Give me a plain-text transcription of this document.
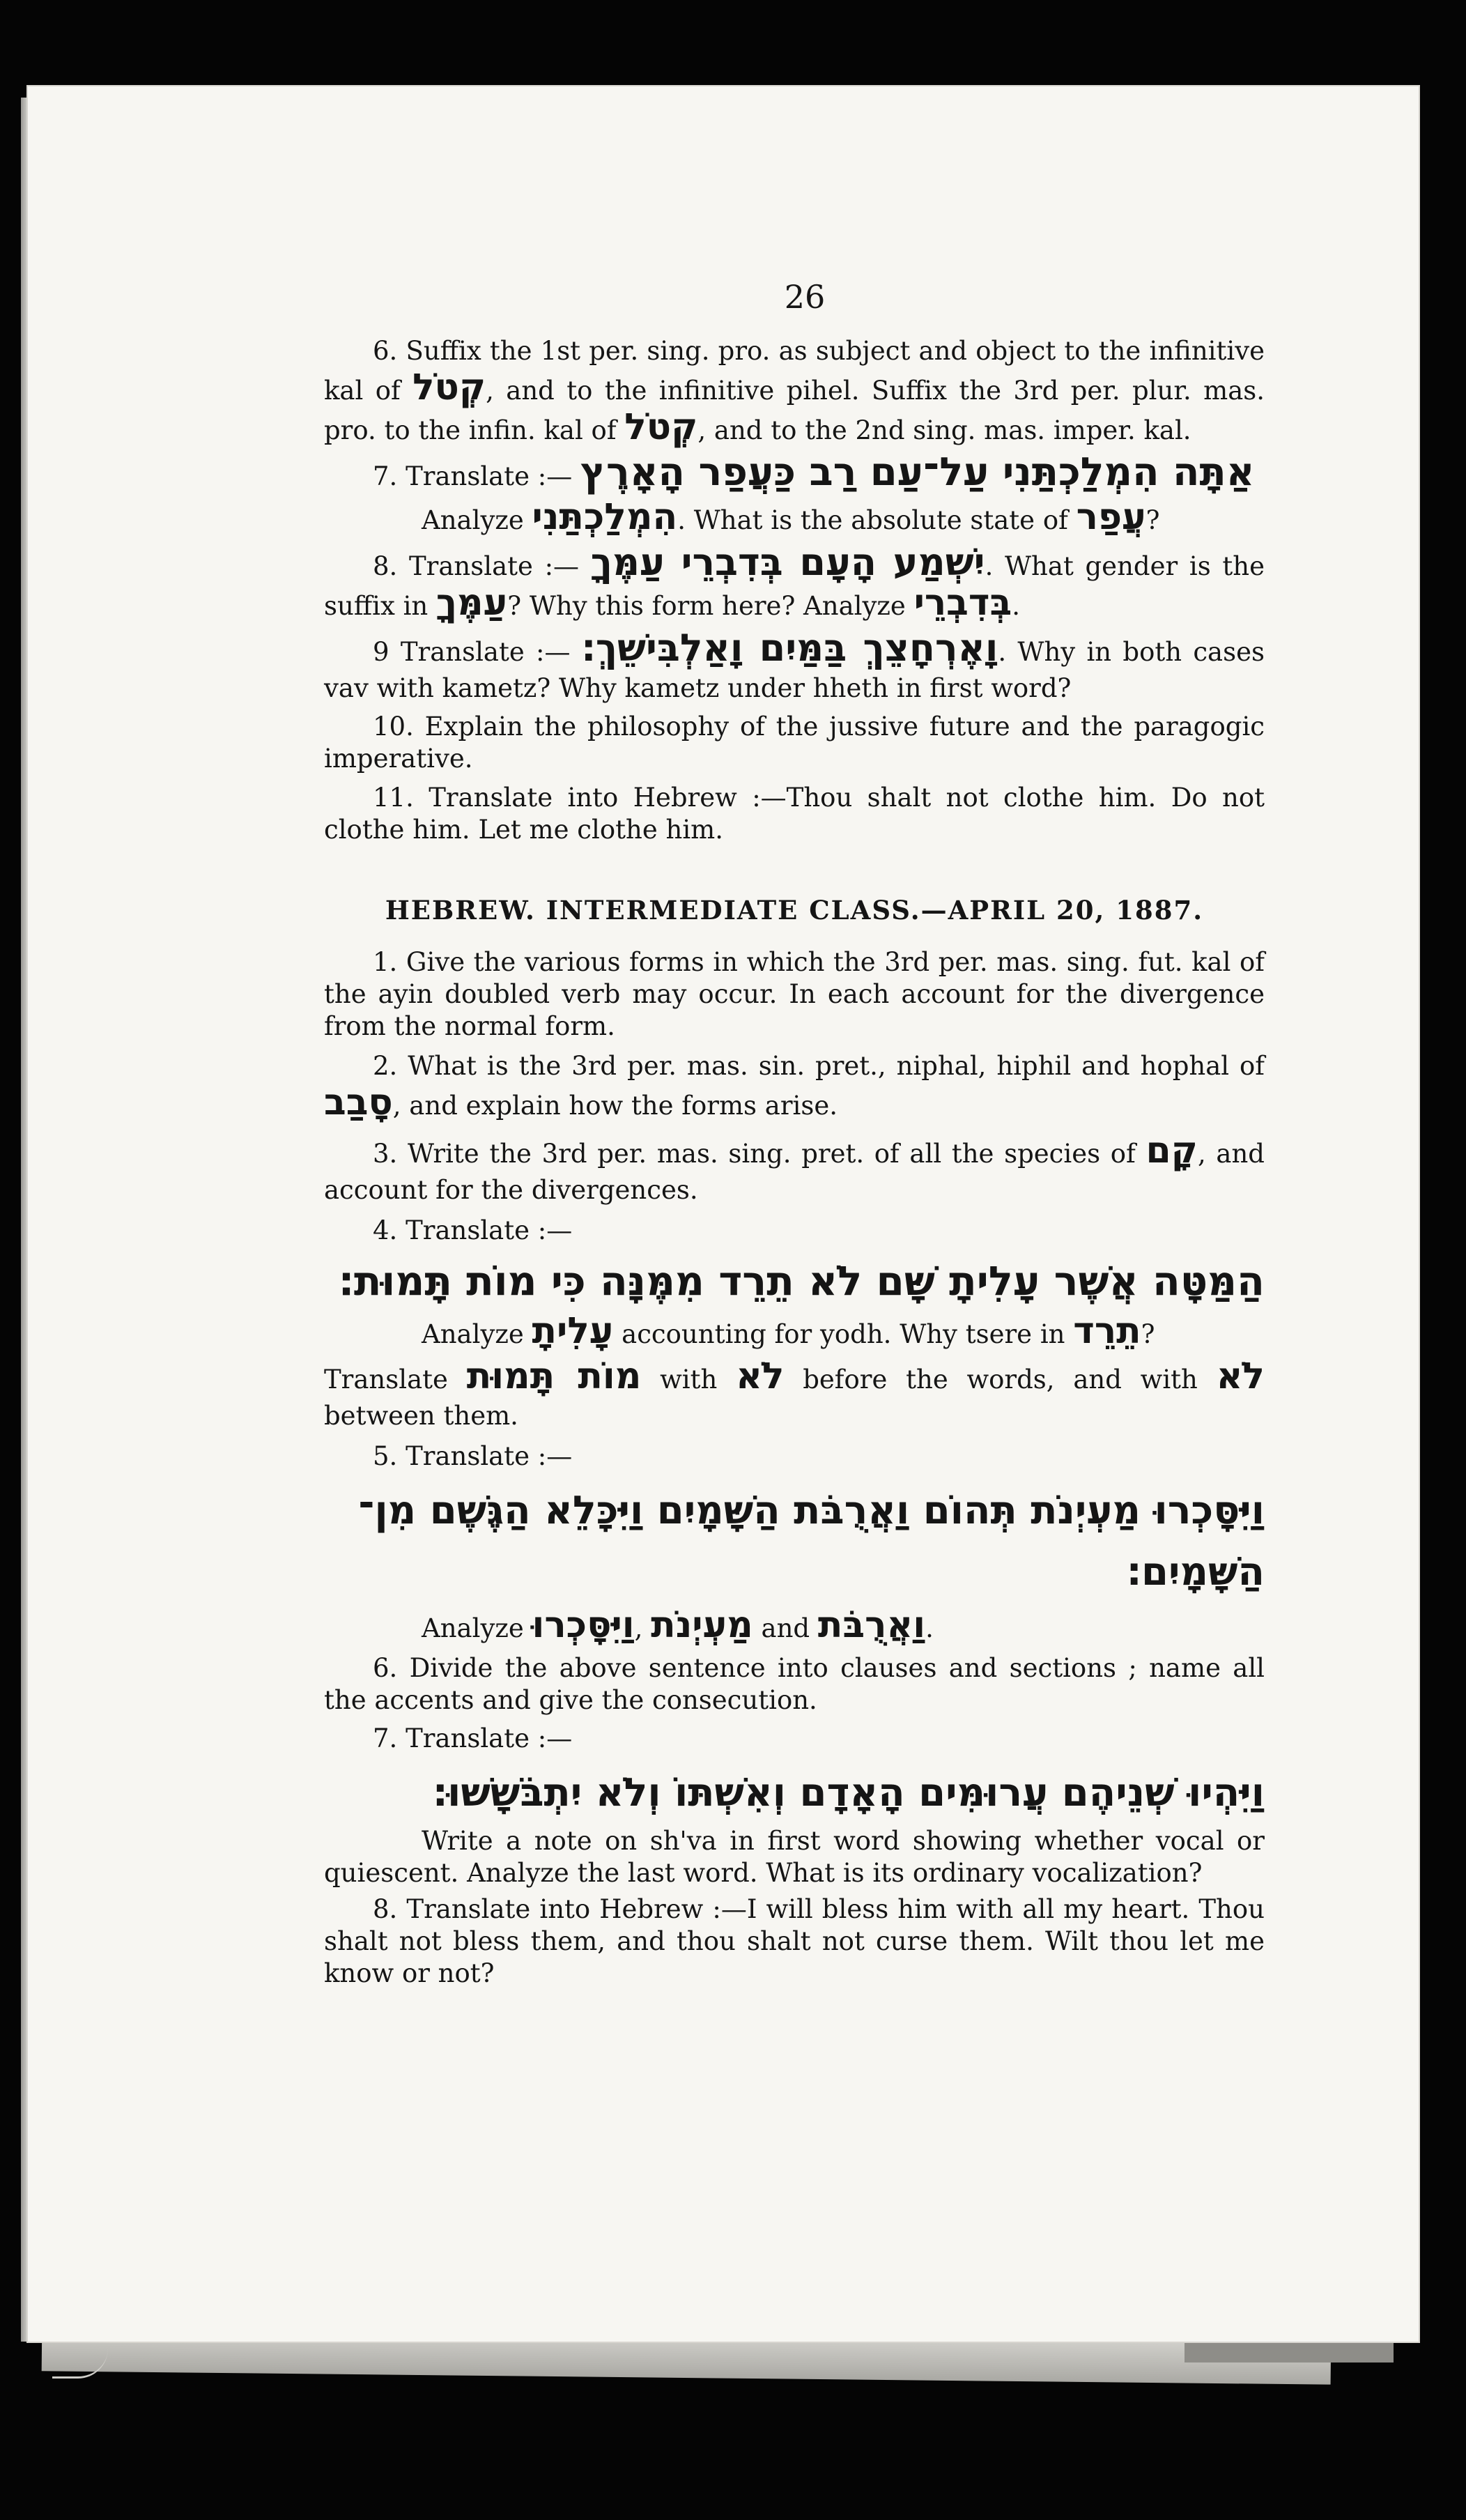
26

6. Suffix the 1st per. sing. pro. as subject and object to the infinitive kal of קְטֹל, and to the infinitive pihel. Suffix the 3rd per. plur. mas. pro. to the infin. kal of קְטֹל, and to the 2nd sing. mas. imper. kal.

7. Translate :— אַתָּה הִמְלַכְתַּנִי עַל־עַם רַב כַּעֲפַר הָאָרֶץ

Analyze הִמְלַכְתַּנִי. What is the absolute state of עֲפַר?

8. Translate :— יִשְׁמַע הָעָם בְּדִבְרֵי עַמֶּךָ. What gender is the suffix in עַמֶּךָ? Why this form here? Analyze בְּדִבְרֵי.

9 Translate :— וָאֶרְחָצֵךְ בַּמַּיִם וָאַלְבִּישֵׁךְ׃. Why in both cases vav with kametz? Why kametz under hheth in first word?

10. Explain the philosophy of the jussive future and the paragogic imperative.

11. Translate into Hebrew :—Thou shalt not clothe him. Do not clothe him. Let me clothe him.

HEBREW. INTERMEDIATE CLASS.—APRIL 20, 1887.

1. Give the various forms in which the 3rd per. mas. sing. fut. kal of the ayin doubled verb may occur. In each account for the divergence from the normal form.

2. What is the 3rd per. mas. sin. pret., niphal, hiphil and hophal of סָבַב, and explain how the forms arise.

3. Write the 3rd per. mas. sing. pret. of all the species of קָם, and account for the divergences.

4. Translate :—

הַמַּטָּה אֲשֶׁר עָלִיתָ שָּׁם לֹא תֵרֵד מִמֶּנָּה כִּי מוֹת תָּמוּת׃

Analyze עָלִיתָ accounting for yodh. Why tsere in תֵרֵד?

Translate מוֹת תָּמוּת with לֹא before the words, and with לֹא between them.

5. Translate :—

וַיִּסָּכְרוּ מַעְיְנֹת תְּהוֹם וַאֲרֻבֹּת הַשָּׁמָיִם וַיִּכָּלֵא הַגֶּשֶׁם מִן־
הַשָּׁמָיִם׃

Analyze וַיִּסָּכְרוּ, מַעְיְנֹת and וַאֲרֻבֹּת.

6. Divide the above sentence into clauses and sections ; name all the accents and give the consecution.

7. Translate :—

וַיִּהְיוּ שְׁנֵיהֶם עֲרוּמִּים הָאָדָם וְאִשְׁתּוֹ וְלֹא יִתְבֹּשָׁשׁוּ׃

Write a note on sh'va in first word showing whether vocal or quiescent. Analyze the last word. What is its ordinary vocalization?

8. Translate into Hebrew :—I will bless him with all my heart. Thou shalt not bless them, and thou shalt not curse them. Wilt thou let me know or not?
